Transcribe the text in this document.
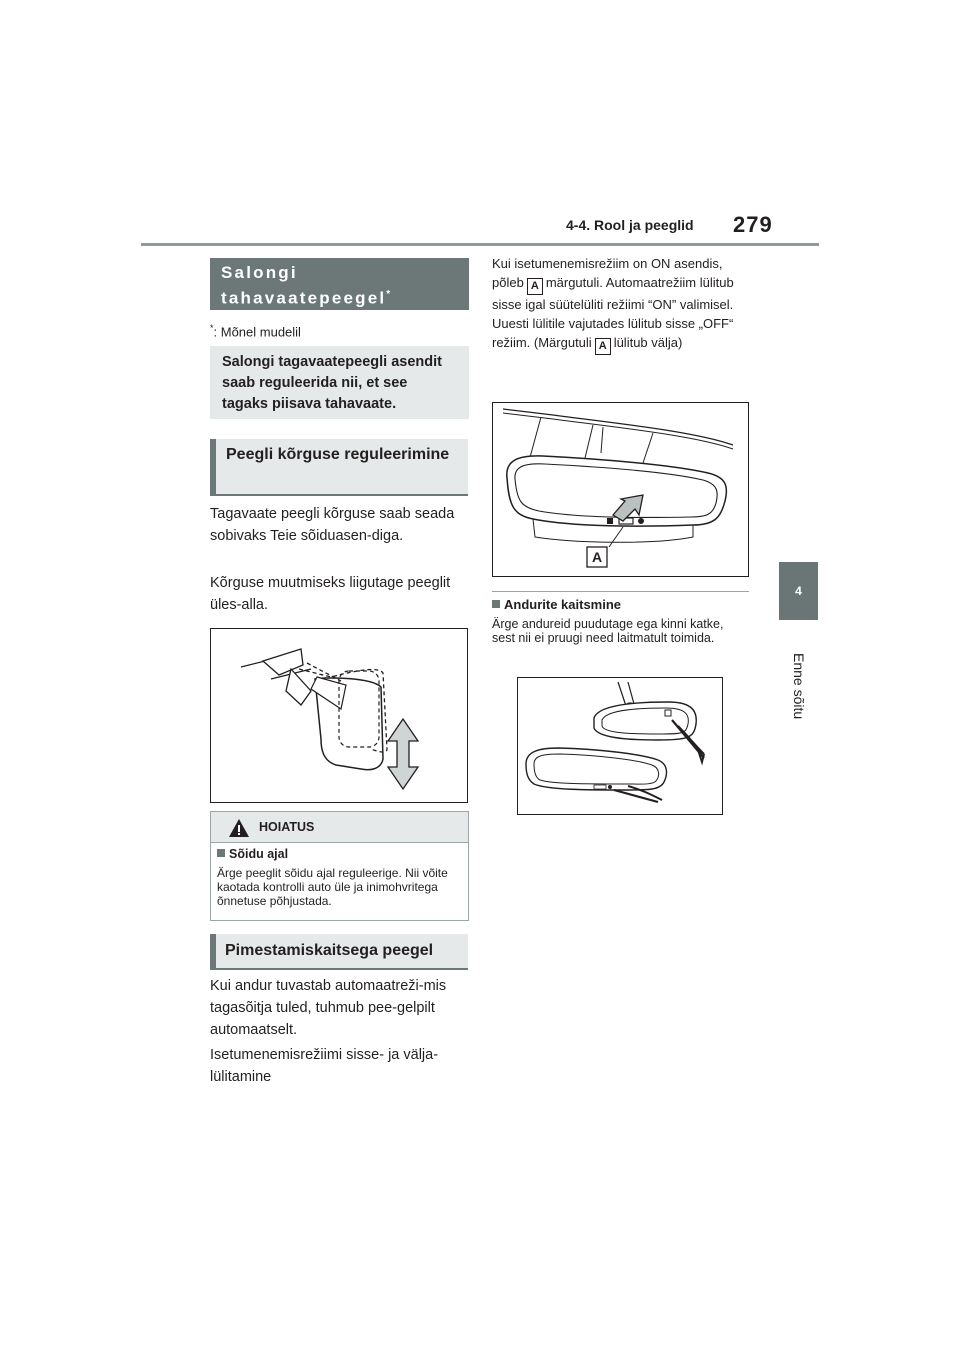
4-4. Rool ja peeglid 279
4
Enne sõitu
Salongi tahavaatepeegel*
*: Mõnel mudelil
Salongi tagavaatepeegli asendit saab reguleerida nii, et see tagaks piisava tahavaate.
Peegli kõrguse reguleerimine
Tagavaate peegli kõrguse saab seada sobivaks Teie sõiduasen-diga.
Kõrguse muutmiseks liigutage peeglit üles-alla.
HOIATUS
Sõidu ajal
Ärge peeglit sõidu ajal reguleerige. Nii võite kaotada kontrolli auto üle ja inimohvritega õnnetuse põhjustada.
Pimestamiskaitsega peegel
Kui andur tuvastab automaatreži-mis tagasõitja tuled, tuhmub pee-gelpilt automaatselt.
Isetumenemisrežiimi sisse- ja välja-lülitamine
Kui isetumenemisrežiim on ON asendis, põleb A märgutuli. Automaatrežiim lülitub sisse igal süütelüliti režiimi “ON” valimisel. Uuesti lülitile vajutades lülitub sisse „OFF“ režiim. (Märgutuli A lülitub välja)
A
Andurite kaitsmine
Ärge andureid puudutage ega kinni katke, sest nii ei pruugi need laitmatult toimida.
